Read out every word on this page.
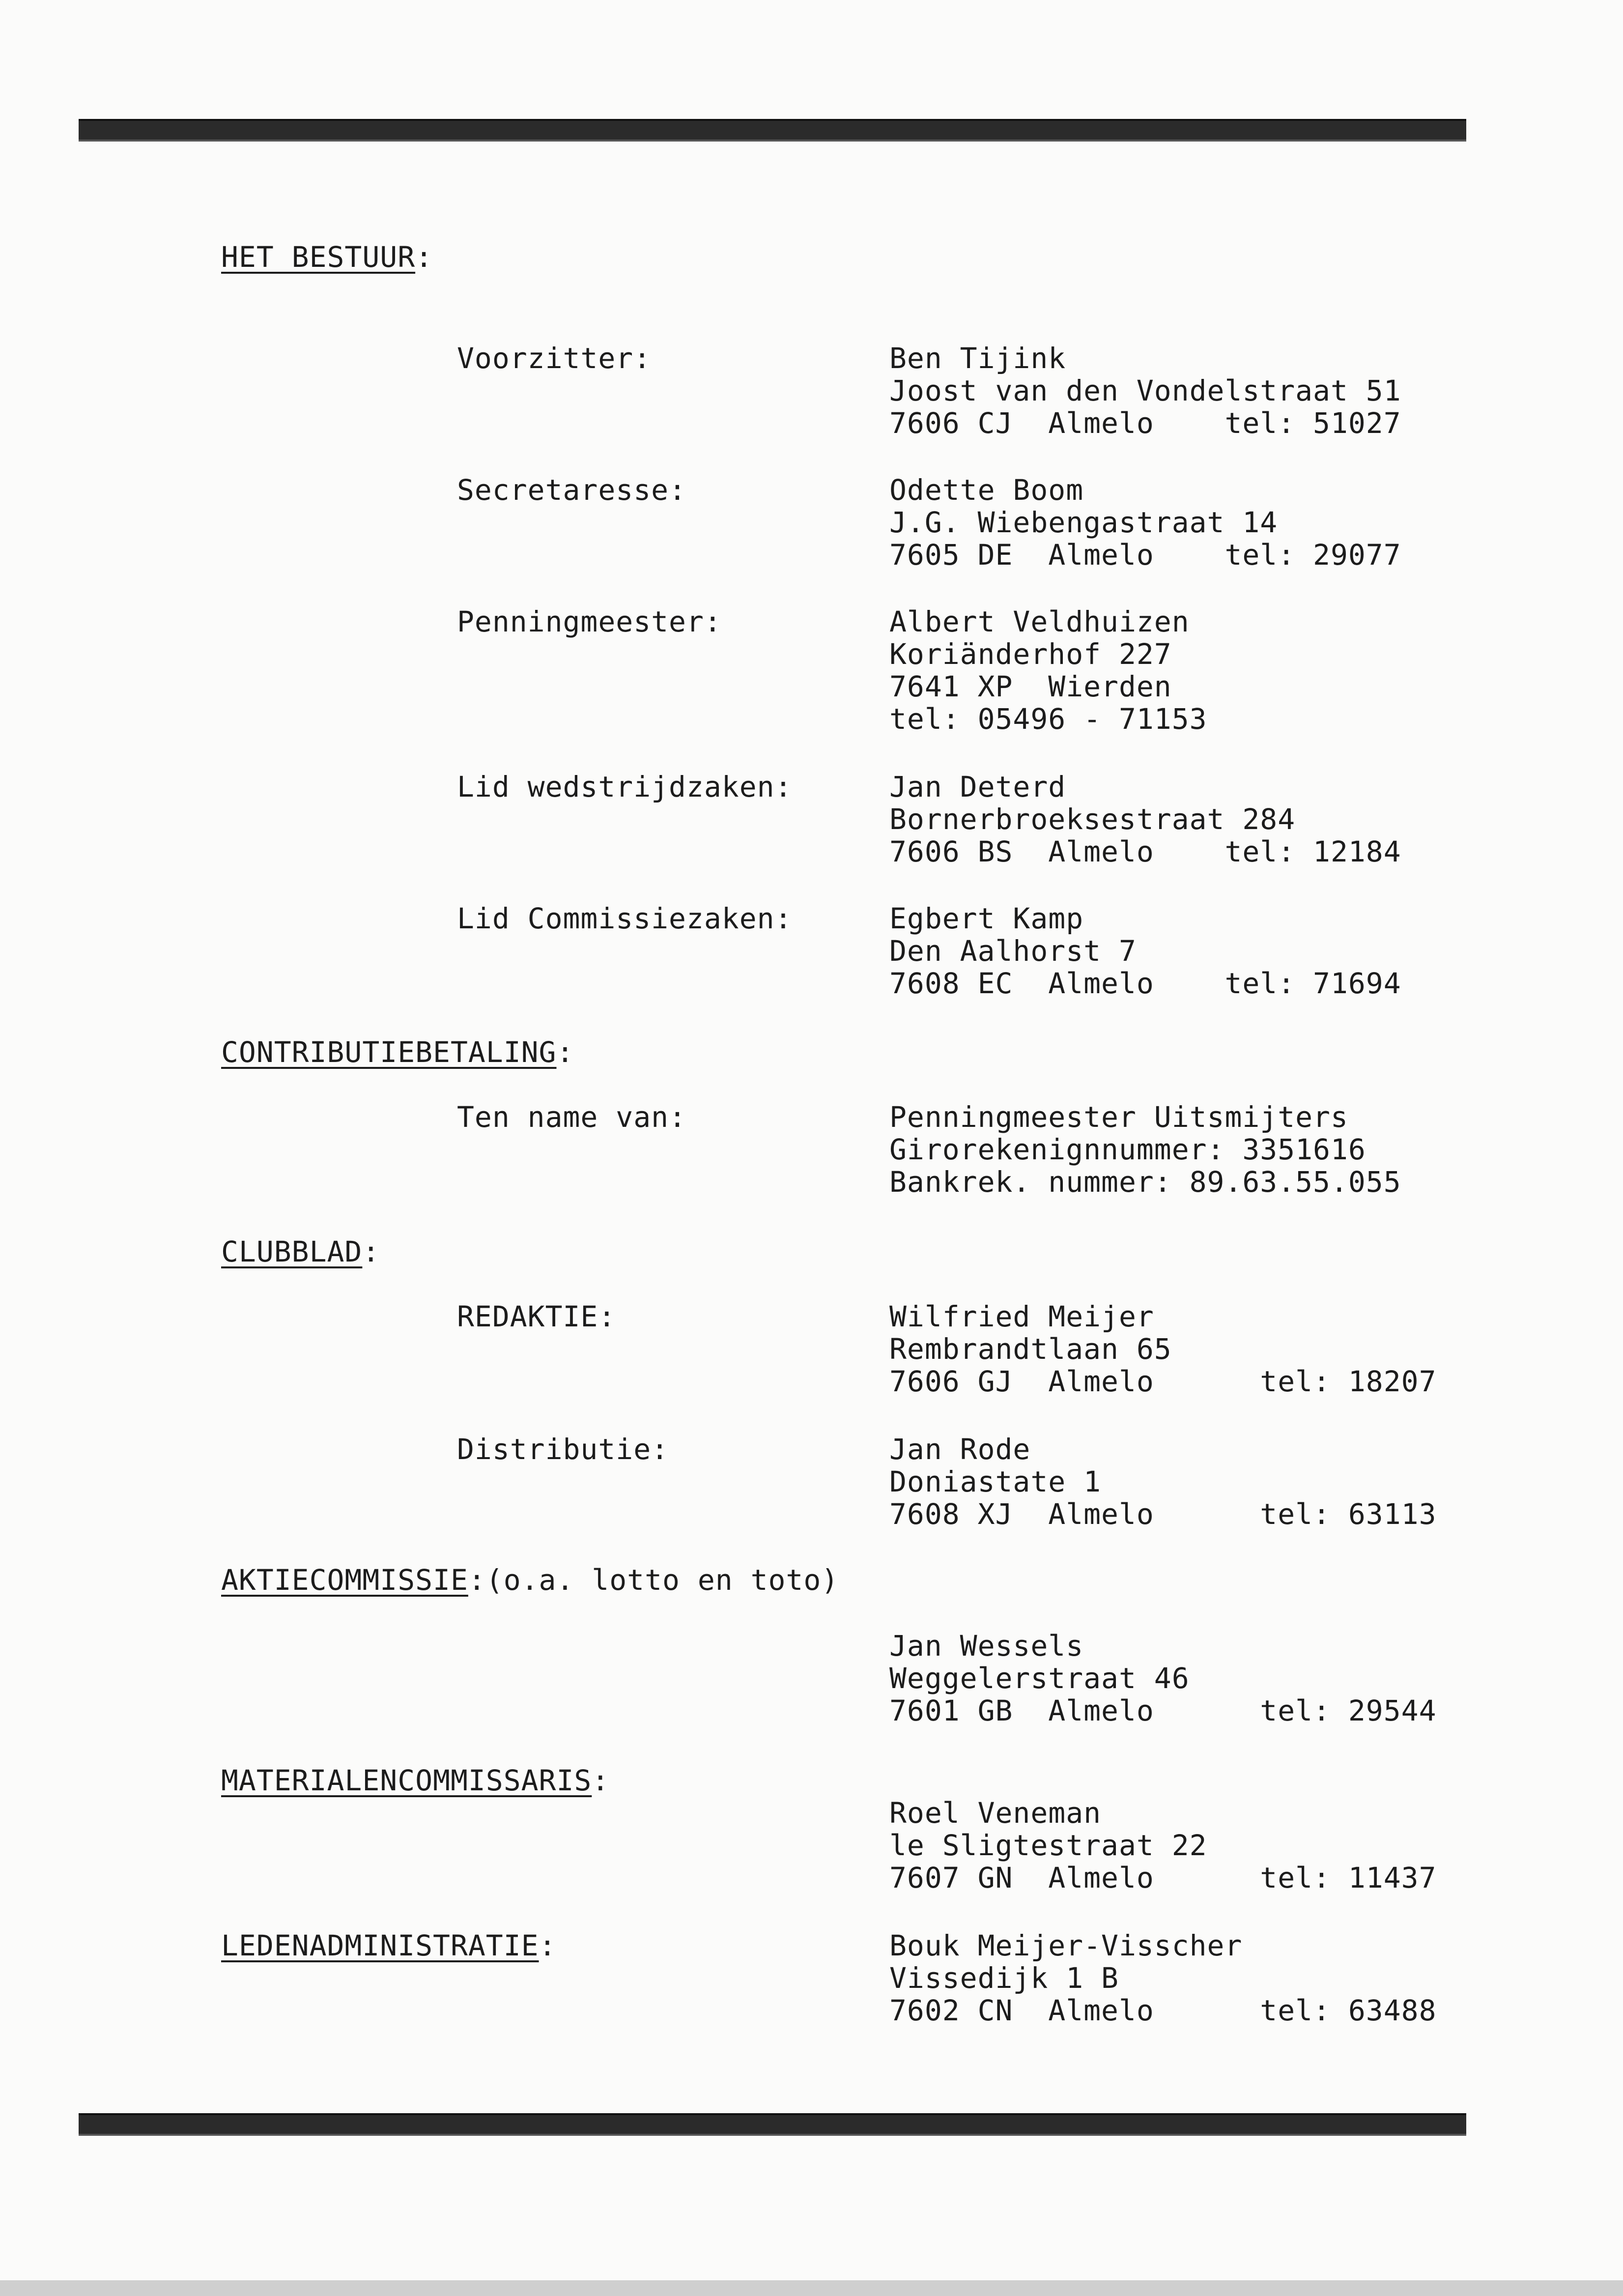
HET BESTUUR:
Voorzitter:	Ben Tijink
Joost van den Vondelstraat 51
7606 CJ  Almelo    tel: 51027
Secretaresse:	Odette Boom
J.G. Wiebengastraat 14
7605 DE  Almelo    tel: 29077
Penningmeester:	Albert Veldhuizen
Koriänderhof 227
7641 XP  Wierden
tel: 05496 - 71153
Lid wedstrijdzaken:	Jan Deterd
Bornerbroeksestraat 284
7606 BS  Almelo    tel: 12184
Lid Commissiezaken:	Egbert Kamp
Den Aalhorst 7
7608 EC  Almelo    tel: 71694
CONTRIBUTIEBETALING:
Ten name van:	Penningmeester Uitsmijters
Girorekenignnummer: 3351616
Bankrek. nummer: 89.63.55.055
CLUBBLAD:
REDAKTIE:	Wilfried Meijer
Rembrandtlaan 65
7606 GJ  Almelo      tel: 18207
Distributie:	Jan Rode
Doniastate 1
7608 XJ  Almelo      tel: 63113
AKTIECOMMISSIE:(o.a. lotto en toto)
Jan Wessels
Weggelerstraat 46
7601 GB  Almelo      tel: 29544
MATERIALENCOMMISSARIS:
Roel Veneman
le Sligtestraat 22
7607 GN  Almelo      tel: 11437
LEDENADMINISTRATIE:	Bouk Meijer-Visscher
Vissedijk 1 B
7602 CN  Almelo      tel: 63488
